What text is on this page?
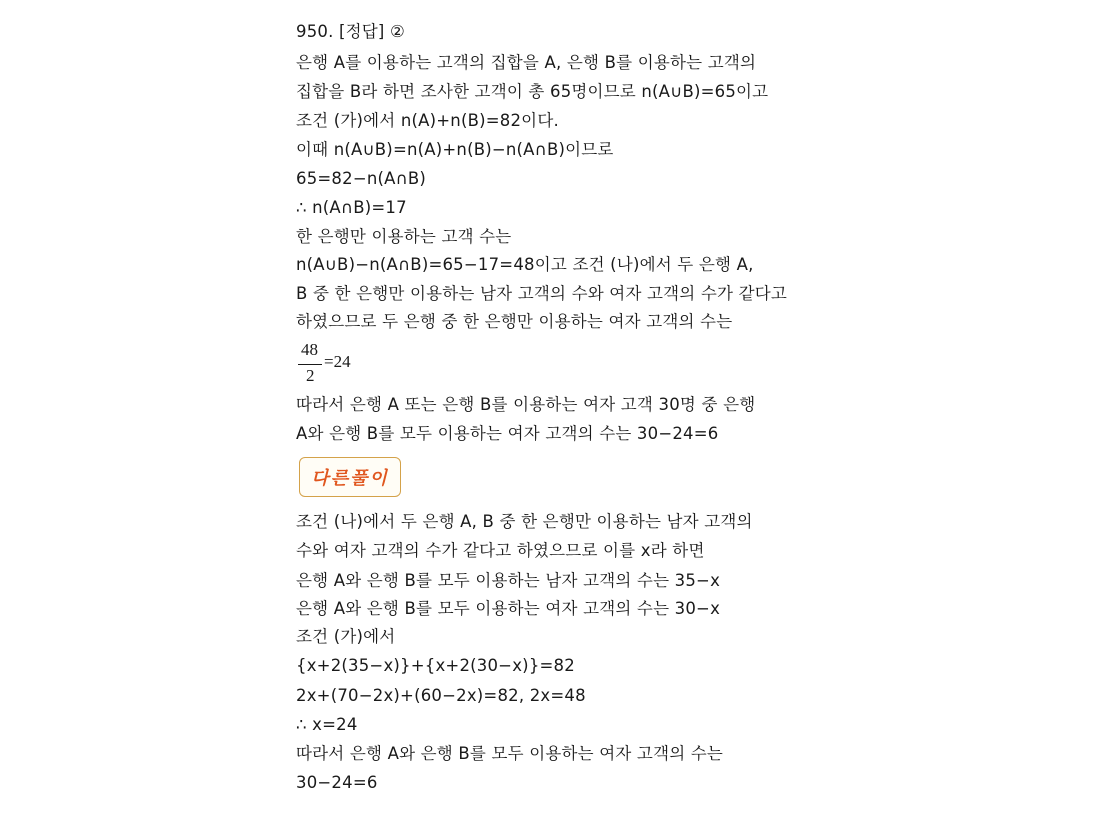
950. [정답] ②
은행 A를 이용하는 고객의 집합을 A, 은행 B를 이용하는 고객의
집합을 B라 하면 조사한 고객이 총 65명이므로 n(A∪B)=65이고
조건 (가)에서 n(A)+n(B)=82이다.
이때 n(A∪B)=n(A)+n(B)−n(A∩B)이므로
65=82−n(A∩B)
∴ n(A∩B)=17
한 은행만 이용하는 고객 수는
n(A∪B)−n(A∩B)=65−17=48이고 조건 (나)에서 두 은행 A,
B 중 한 은행만 이용하는 남자 고객의 수와 여자 고객의 수가 같다고
하였으므로 두 은행 중 한 은행만 이용하는 여자 고객의 수는
48
2
=24
따라서 은행 A 또는 은행 B를 이용하는 여자 고객 30명 중 은행
A와 은행 B를 모두 이용하는 여자 고객의 수는 30−24=6
다른풀이
조건 (나)에서 두 은행 A, B 중 한 은행만 이용하는 남자 고객의
수와 여자 고객의 수가 같다고 하였으므로 이를 x라 하면
은행 A와 은행 B를 모두 이용하는 남자 고객의 수는 35−x
은행 A와 은행 B를 모두 이용하는 여자 고객의 수는 30−x
조건 (가)에서
{x+2(35−x)}+{x+2(30−x)}=82
2x+(70−2x)+(60−2x)=82, 2x=48
∴ x=24
따라서 은행 A와 은행 B를 모두 이용하는 여자 고객의 수는
30−24=6
